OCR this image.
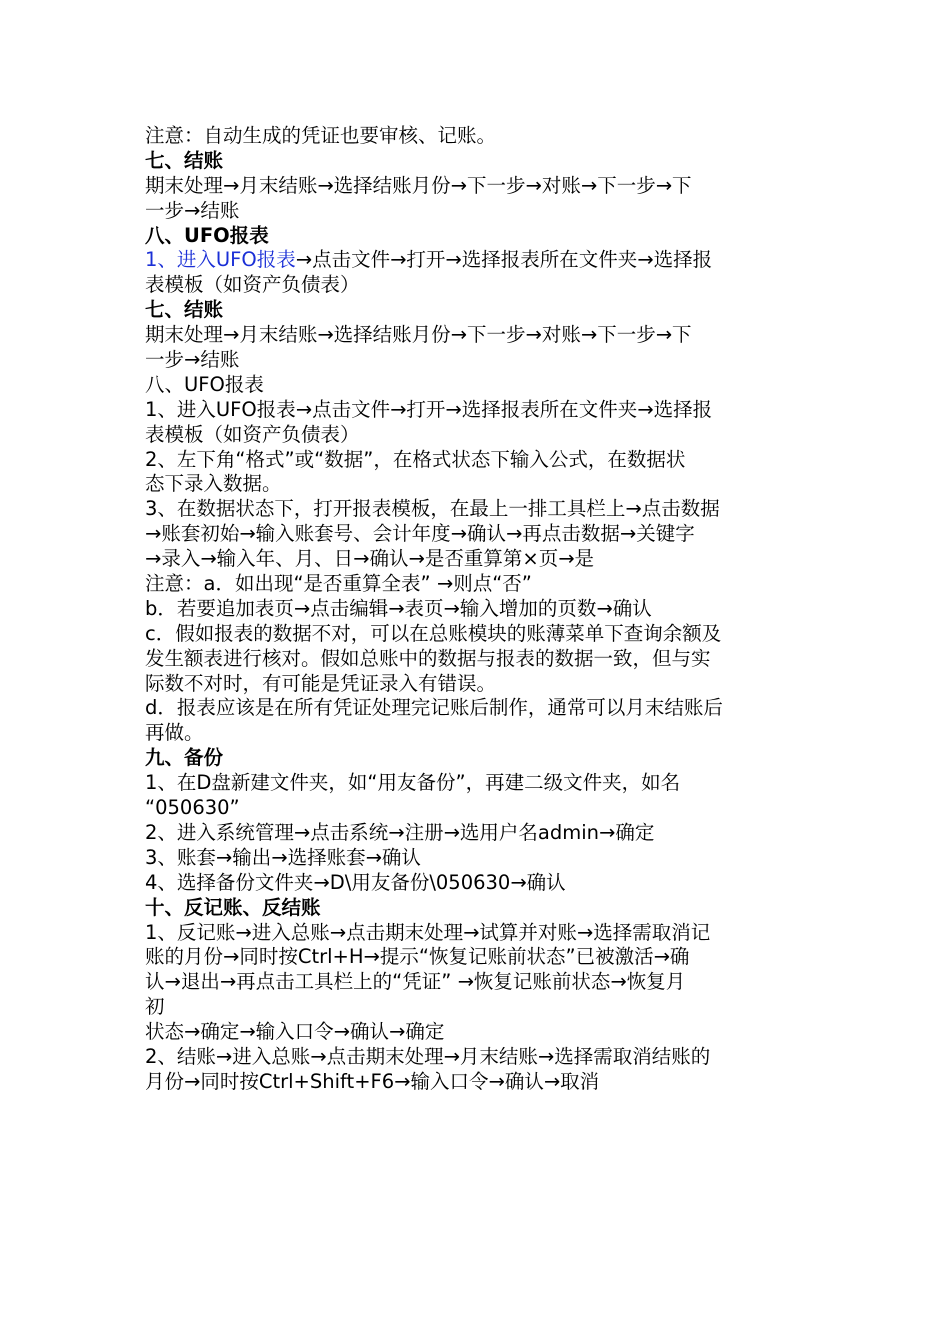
注意：自动生成的凭证也要审核、记账。
七、结账
期末处理→月末结账→选择结账月份→下一步→对账→下一步→下
一步→结账
八、UFO报表
1、进入UFO报表→点击文件→打开→选择报表所在文件夹→选择报
表模板（如资产负债表）
七、结账
期末处理→月末结账→选择结账月份→下一步→对账→下一步→下
一步→结账
八、UFO报表
1、进入UFO报表→点击文件→打开→选择报表所在文件夹→选择报
表模板（如资产负债表）
2、左下角“格式”或“数据”，在格式状态下输入公式，在数据状
态下录入数据。
3、在数据状态下，打开报表模板，在最上一排工具栏上→点击数据
→账套初始→输入账套号、会计年度→确认→再点击数据→关键字
→录入→输入年、月、日→确认→是否重算第×页→是
注意：a．如出现“是否重算全表” →则点“否”
b．若要追加表页→点击编辑→表页→输入增加的页数→确认
c．假如报表的数据不对，可以在总账模块的账薄菜单下查询余额及
发生额表进行核对。假如总账中的数据与报表的数据一致，但与实
际数不对时，有可能是凭证录入有错误。
d．报表应该是在所有凭证处理完记账后制作，通常可以月末结账后
再做。
九、备份
1、在D盘新建文件夹，如“用友备份”，再建二级文件夹，如名
“050630”
2、进入系统管理→点击系统→注册→选用户名admin→确定
3、账套→输出→选择账套→确认
4、选择备份文件夹→D\用友备份\050630→确认
十、反记账、反结账
1、反记账→进入总账→点击期末处理→试算并对账→选择需取消记
账的月份→同时按Ctrl+H→提示“恢复记账前状态”已被激活→确
认→退出→再点击工具栏上的“凭证” →恢复记账前状态→恢复月
初
状态→确定→输入口令→确认→确定
2、结账→进入总账→点击期末处理→月末结账→选择需取消结账的
月份→同时按Ctrl+Shift+F6→输入口令→确认→取消
